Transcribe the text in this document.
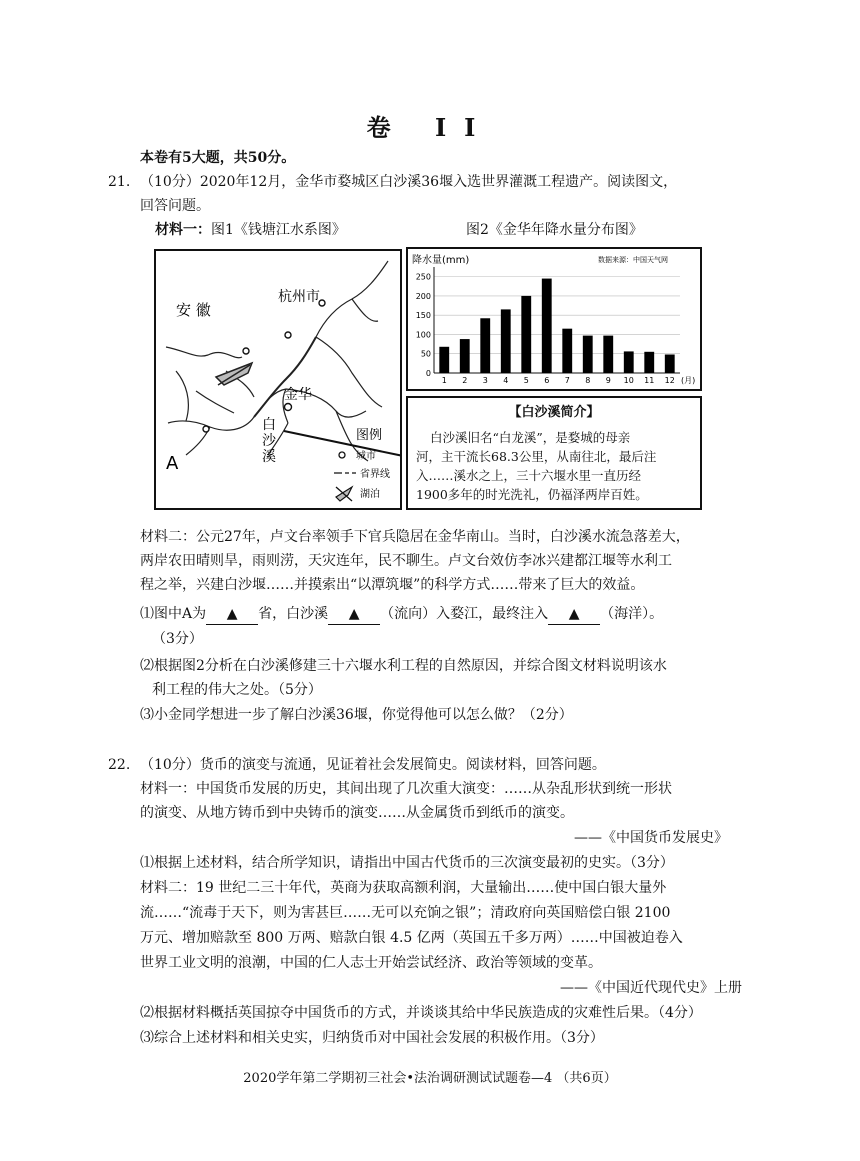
卷 II
本卷有5大题，共50分。
21. （10分）2020年12月，金华市婺城区白沙溪36堰入选世界灌溉工程遗产。阅读图文，
回答问题。
材料一：图1《钱塘江水系图》	图2《金华年降水量分布图》
安 徽
杭州市
金华
白
沙
溪
A
图例
城市
省界线
湖泊
降水量(mm)	数据来源：中国天气网
0
50
100
150
200
250
1 2 3 4 5 6 7 8 9 10 11 12 (月)
【白沙溪简介】
白沙溪旧名“白龙溪”，是婺城的母亲
河，主干流长68.3公里，从南往北，最后注
入……溪水之上，三十六堰水里一直历经
1900多年的时光洗礼，仍福泽两岸百姓。
材料二：公元27年，卢文台率领手下官兵隐居在金华南山。当时，白沙溪水流急落差大，
两岸农田晴则旱，雨则涝，天灾连年，民不聊生。卢文台效仿李冰兴建都江堰等水利工
程之举，兴建白沙堰……并摸索出“以潭筑堰”的科学方式……带来了巨大的效益。
⑴图中A为 ▲ 省，白沙溪 ▲ （流向）入婺江，最终注入 ▲ （海洋）。
（3分）
⑵根据图2分析在白沙溪修建三十六堰水利工程的自然原因，并综合图文材料说明该水
利工程的伟大之处。（5分）
⑶小金同学想进一步了解白沙溪36堰，你觉得他可以怎么做？（2分）
22. （10分）货币的演变与流通，见证着社会发展简史。阅读材料，回答问题。
材料一：中国货币发展的历史，其间出现了几次重大演变：……从杂乱形状到统一形状
的演变、从地方铸币到中央铸币的演变……从金属货币到纸币的演变。
——《中国货币发展史》
⑴根据上述材料，结合所学知识，请指出中国古代货币的三次演变最初的史实。（3分）
材料二：19 世纪二三十年代，英商为获取高额利润，大量输出……使中国白银大量外
流……“流毒于天下，则为害甚巨……无可以充饷之银”；清政府向英国赔偿白银 2100
万元、增加赔款至 800 万两、赔款白银 4.5 亿两（英国五千多万两）……中国被迫卷入
世界工业文明的浪潮，中国的仁人志士开始尝试经济、政治等领域的变革。
——《中国近代现代史》上册
⑵根据材料概括英国掠夺中国货币的方式，并谈谈其给中华民族造成的灾难性后果。（4分）
⑶综合上述材料和相关史实，归纳货币对中国社会发展的积极作用。（3分）
2020学年第二学期初三社会•法治调研测试试题卷—4 （共6页）
